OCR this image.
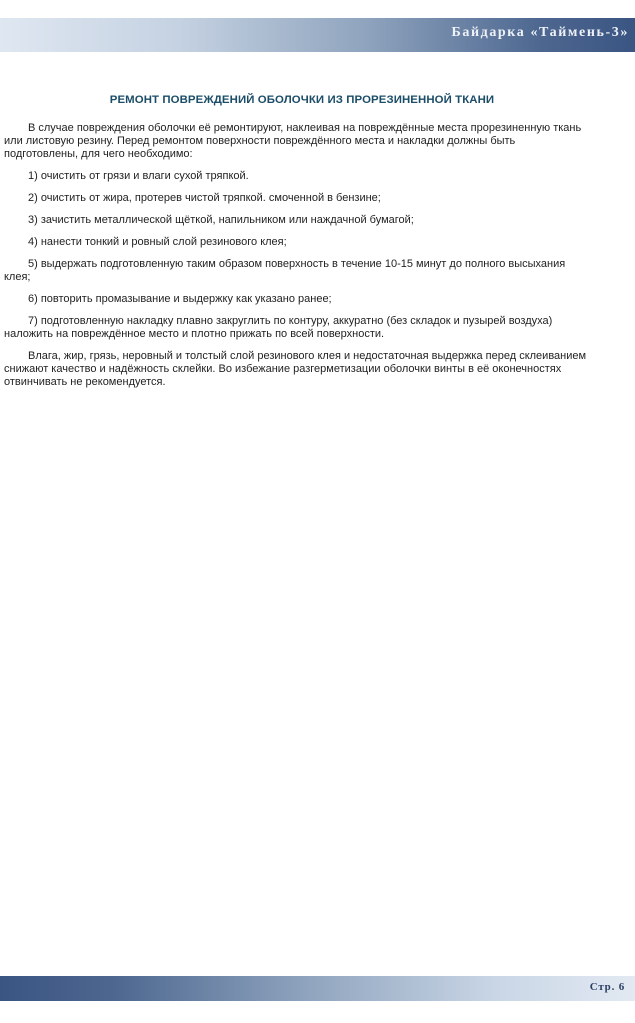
Байдарка «Таймень-3»
РЕМОНТ ПОВРЕЖДЕНИЙ ОБОЛОЧКИ ИЗ ПРОРЕЗИНЕННОЙ ТКАНИ

В случае повреждения оболочки её ремонтируют, наклеивая на повреждённые места прорезиненную ткань или листовую резину. Перед ремонтом поверхности повреждённого места и накладки должны быть подготовлены, для чего необходимо:

1) очистить от грязи и влаги сухой тряпкой.

2) очистить от жира, протерев чистой тряпкой. смоченной в бензине;

3) зачистить металлической щёткой, напильником или наждачной бумагой;

4) нанести тонкий и ровный слой резинового клея;

5) выдержать подготовленную таким образом поверхность в течение 10-15 минут до полного высыхания клея;

6) повторить промазывание и выдержку как указано ранее;

7) подготовленную накладку плавно закруглить по контуру, аккуратно (без складок и пузырей воздуха) наложить на повреждённое место и плотно прижать по всей поверхности.

Влага, жир, грязь, неровный и толстый слой резинового клея и недостаточная выдержка перед склеиванием снижают качество и надёжность склейки. Во избежание разгерметизации оболочки винты в её оконечностях отвинчивать не рекомендуется.

Стр. 6
